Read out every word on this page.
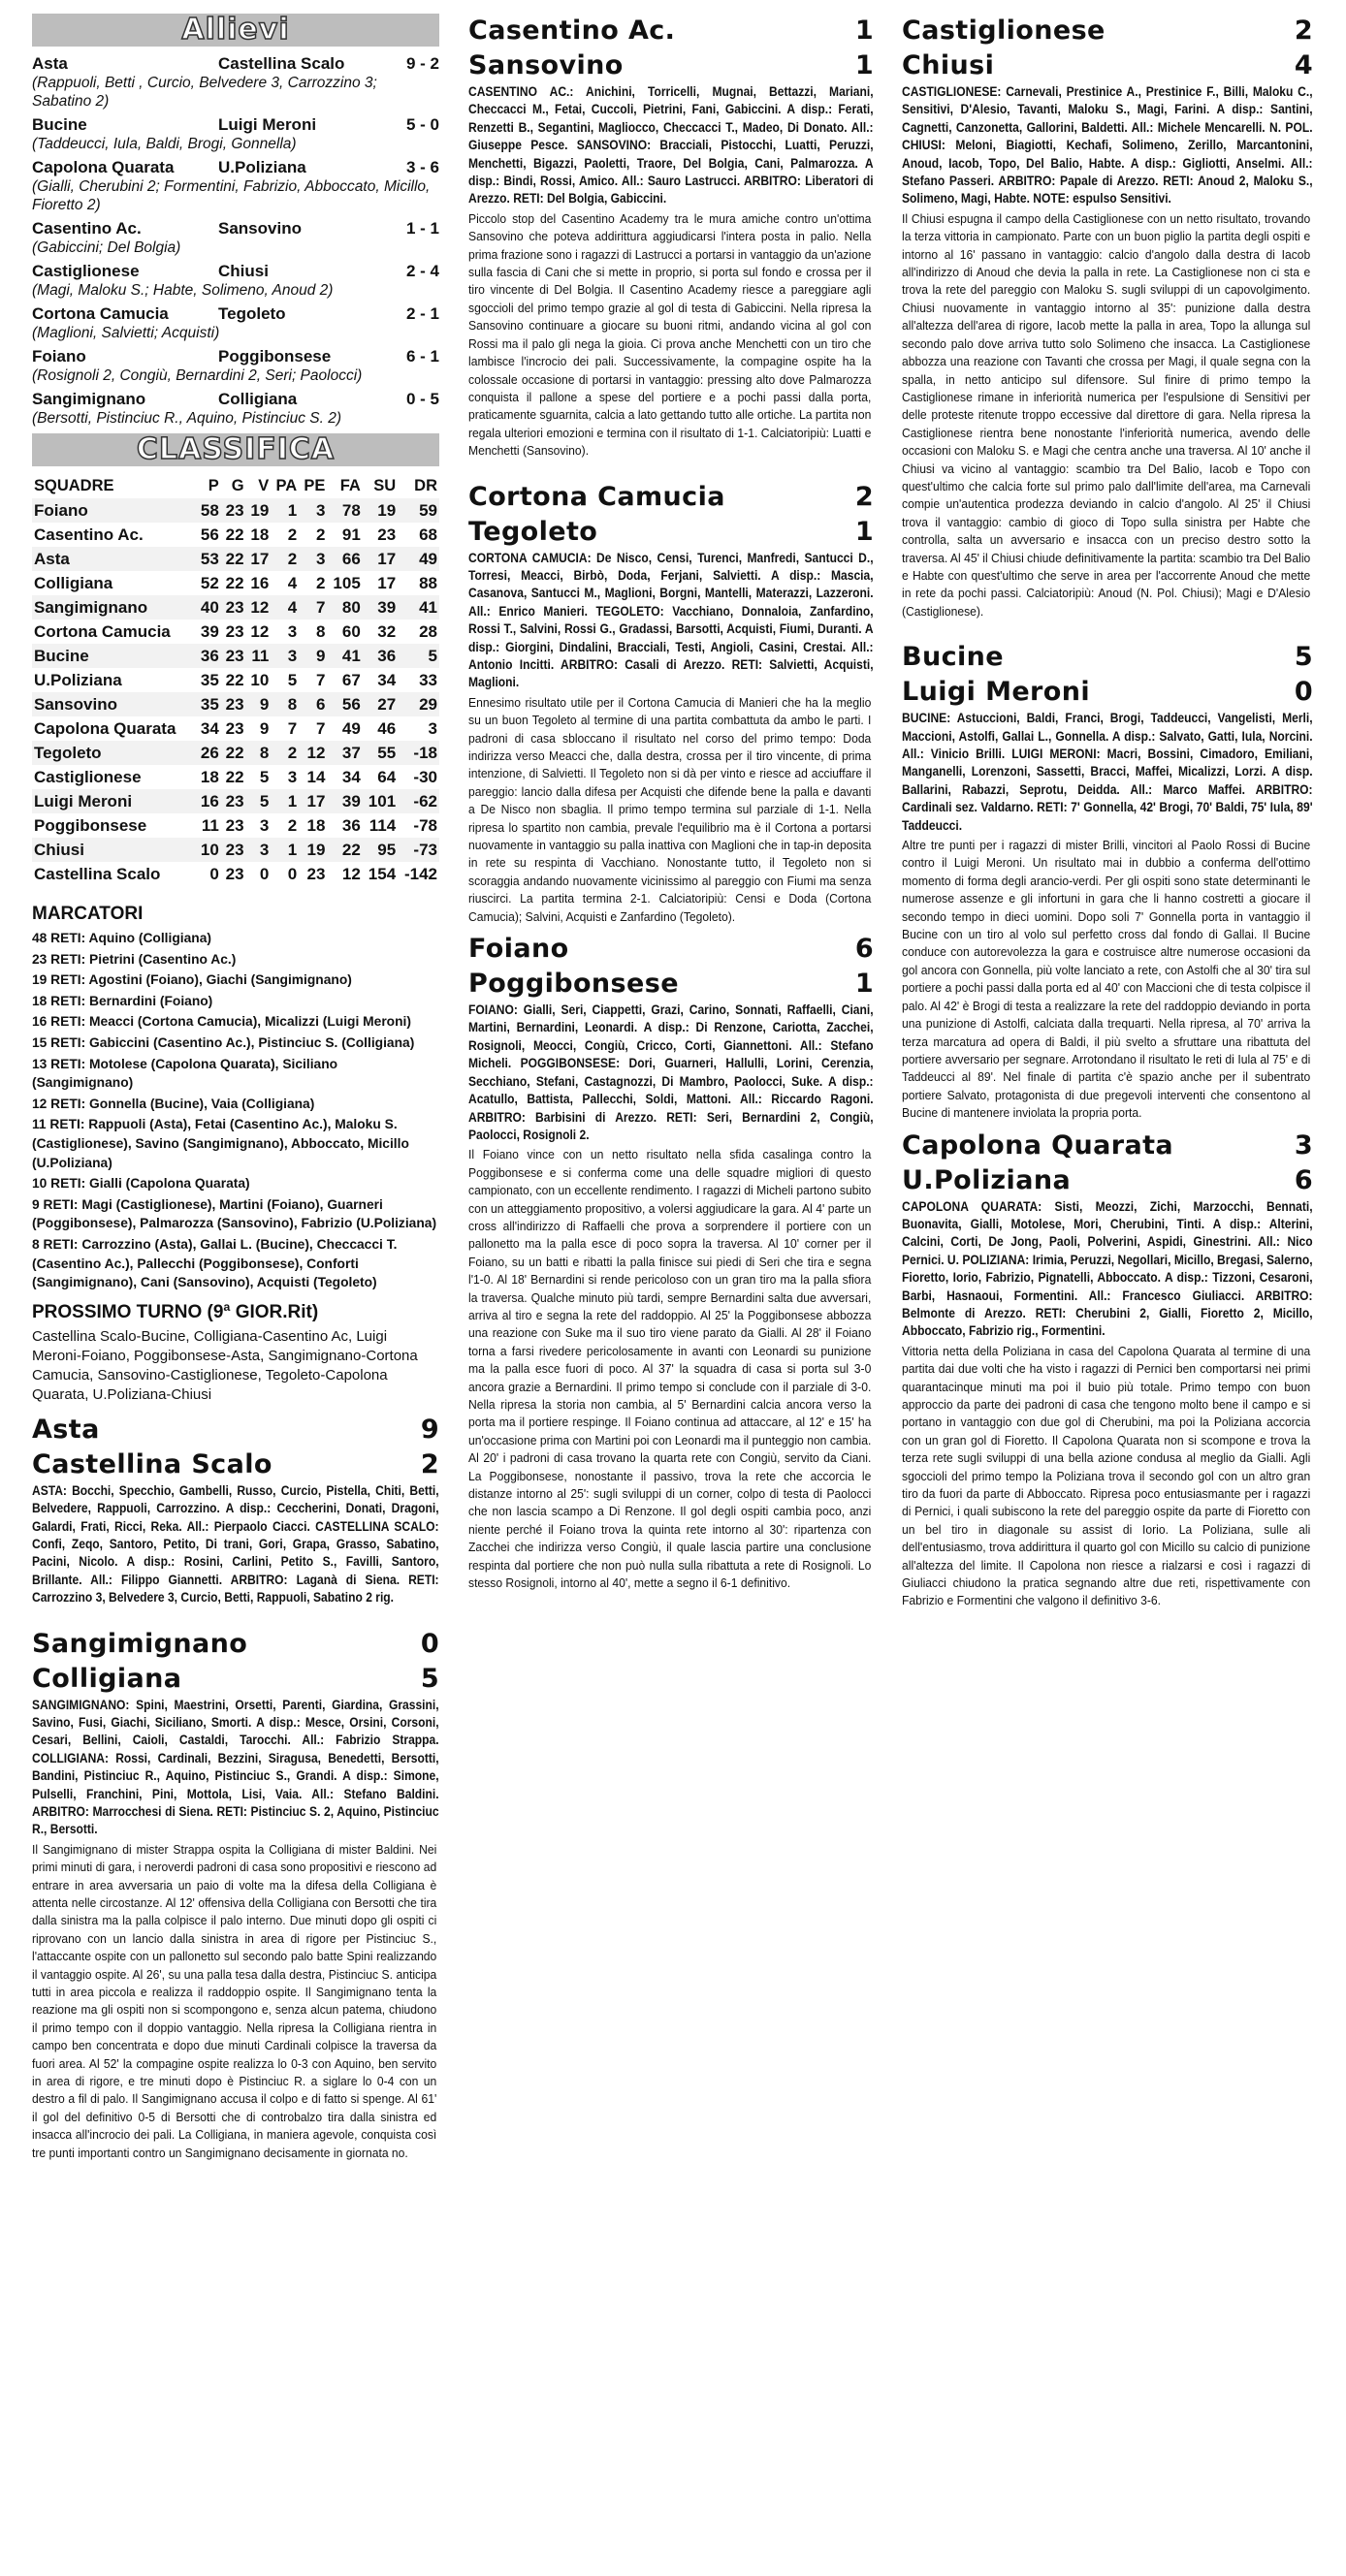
Allievi
Asta	Castellina Scalo	9 - 2
(Rappuoli, Betti , Curcio, Belvedere 3, Carrozzino 3; Sabatino 2)
Bucine	Luigi Meroni	5 - 0
(Taddeucci, Iula, Baldi, Brogi, Gonnella)
Capolona Quarata	U.Poliziana	3 - 6
(Gialli, Cherubini 2; Formentini, Fabrizio, Abboccato, Micillo, Fioretto 2)
Casentino Ac.	Sansovino	1 - 1
(Gabiccini; Del Bolgia)
Castiglionese	Chiusi	2 - 4
(Magi, Maloku S.; Habte, Solimeno, Anoud 2)
Cortona Camucia	Tegoleto	2 - 1
(Maglioni, Salvietti; Acquisti)
Foiano	Poggibonsese	6 - 1
(Rosignoli 2, Congiù, Bernardini 2, Seri; Paolocci)
Sangimignano	Colligiana	0 - 5
(Bersotti, Pistinciuc R., Aquino, Pistinciuc S. 2)
CLASSIFICA
SQUADRE	P	G	V	PA	PE	FA	SU	DR
Foiano	58	23	19	1	3	78	19	59
Casentino Ac.	56	22	18	2	2	91	23	68
Asta	53	22	17	2	3	66	17	49
Colligiana	52	22	16	4	2	105	17	88
Sangimignano	40	23	12	4	7	80	39	41
Cortona Camucia	39	23	12	3	8	60	32	28
Bucine	36	23	11	3	9	41	36	5
U.Poliziana	35	22	10	5	7	67	34	33
Sansovino	35	23	9	8	6	56	27	29
Capolona Quarata	34	23	9	7	7	49	46	3
Tegoleto	26	22	8	2	12	37	55	-18
Castiglionese	18	22	5	3	14	34	64	-30
Luigi Meroni	16	23	5	1	17	39	101	-62
Poggibonsese	11	23	3	2	18	36	114	-78
Chiusi	10	23	3	1	19	22	95	-73
Castellina Scalo	0	23	0	0	23	12	154	-142
MARCATORI
48 RETI: Aquino (Colligiana)
23 RETI: Pietrini (Casentino Ac.)
19 RETI: Agostini (Foiano), Giachi (Sangimignano)
18 RETI: Bernardini (Foiano)
16 RETI: Meacci (Cortona Camucia), Micalizzi (Luigi Meroni)
15 RETI: Gabiccini (Casentino Ac.), Pistinciuc S. (Colligiana)
13 RETI: Motolese (Capolona Quarata), Siciliano (Sangimignano)
12 RETI: Gonnella (Bucine), Vaia (Colligiana)
11 RETI: Rappuoli (Asta), Fetai (Casentino Ac.), Maloku S. (Castiglionese), Savino (Sangimignano), Abboccato, Micillo (U.Poliziana)
10 RETI: Gialli (Capolona Quarata)
9 RETI: Magi (Castiglionese), Martini (Foiano), Guarneri (Poggibonsese), Palmarozza (Sansovino), Fabrizio (U.Poliziana)
8 RETI: Carrozzino (Asta), Gallai L. (Bucine), Checcacci T. (Casentino Ac.), Pallecchi (Poggibonsese), Conforti (Sangimignano), Cani (Sansovino), Acquisti (Tegoleto)
PROSSIMO TURNO (9ª GIOR.Rit)
Castellina Scalo-Bucine, Colligiana-Casentino Ac, Luigi Meroni-Foiano, Poggibonsese-Asta, Sangimignano-Cortona Camucia, Sansovino-Castiglionese, Tegoleto-Capolona Quarata, U.Poliziana-Chiusi
Asta	9
Castellina Scalo	2
ASTA: Bocchi, Specchio, Gambelli, Russo, Curcio, Pistella, Chiti, Betti, Belvedere, Rappuoli, Carrozzino. A disp.: Ceccherini, Donati, Dragoni, Galardi, Frati, Ricci, Reka. All.: Pierpaolo Ciacci. CASTELLINA SCALO: Confi, Zeqo, Santoro, Petito, Di trani, Gori, Grapa, Grasso, Sabatino, Pacini, Nicolo. A disp.: Rosini, Carlini, Petito S., Favilli, Santoro, Brillante. All.: Filippo Giannetti. ARBITRO: Laganà di Siena. RETI: Carrozzino 3, Belvedere 3, Curcio, Betti, Rappuoli, Sabatino 2 rig.
Sangimignano	0
Colligiana	5
SANGIMIGNANO: Spini, Maestrini, Orsetti, Parenti, Giardina, Grassini, Savino, Fusi, Giachi, Siciliano, Smorti. A disp.: Mesce, Orsini, Corsoni, Cesari, Bellini, Caioli, Castaldi, Tarocchi. All.: Fabrizio Strappa. COLLIGIANA: Rossi, Cardinali, Bezzini, Siragusa, Benedetti, Bersotti, Bandini, Pistinciuc R., Aquino, Pistinciuc S., Grandi. A disp.: Simone, Pulselli, Franchini, Pini, Mottola, Lisi, Vaia. All.: Stefano Baldini. ARBITRO: Marrocchesi di Siena. RETI: Pistinciuc S. 2, Aquino, Pistinciuc R., Bersotti.
Il Sangimignano di mister Strappa ospita la Colligiana di mister Baldini. Nei primi minuti di gara, i neroverdi padroni di casa sono propositivi e riescono ad entrare in area avversaria un paio di volte ma la difesa della Colligiana è attenta nelle circostanze. Al 12' offensiva della Colligiana con Bersotti che tira dalla sinistra ma la palla colpisce il palo interno. Due minuti dopo gli ospiti ci riprovano con un lancio dalla sinistra in area di rigore per Pistinciuc S., l'attaccante ospite con un pallonetto sul secondo palo batte Spini realizzando il vantaggio ospite. Al 26', su una palla tesa dalla destra, Pistinciuc S. anticipa tutti in area piccola e realizza il raddoppio ospite. Il Sangimignano tenta la reazione ma gli ospiti non si scompongono e, senza alcun patema, chiudono il primo tempo con il doppio vantaggio. Nella ripresa la Colligiana rientra in campo ben concentrata e dopo due minuti Cardinali colpisce la traversa da fuori area. Al 52' la compagine ospite realizza lo 0-3 con Aquino, ben servito in area di rigore, e tre minuti dopo è Pistinciuc R. a siglare lo 0-4 con un destro a fil di palo. Il Sangimignano accusa il colpo e di fatto si spenge. Al 61' il gol del definitivo 0-5 di Bersotti che di controbalzo tira dalla sinistra ed insacca all'incrocio dei pali. La Colligiana, in maniera agevole, conquista così tre punti importanti contro un Sangimignano decisamente in giornata no.
Casentino Ac.	1
Sansovino	1
CASENTINO AC.: Anichini, Torricelli, Mugnai, Bettazzi, Mariani, Checcacci M., Fetai, Cuccoli, Pietrini, Fani, Gabiccini. A disp.: Ferati, Renzetti B., Segantini, Magliocco, Checcacci T., Madeo, Di Donato. All.: Giuseppe Pesce. SANSOVINO: Bracciali, Pistocchi, Luatti, Peruzzi, Menchetti, Bigazzi, Paoletti, Traore, Del Bolgia, Cani, Palmarozza. A disp.: Bindi, Rossi, Amico. All.: Sauro Lastrucci. ARBITRO: Liberatori di Arezzo. RETI: Del Bolgia, Gabiccini.
Piccolo stop del Casentino Academy tra le mura amiche contro un'ottima Sansovino che poteva addirittura aggiudicarsi l'intera posta in palio. Nella prima frazione sono i ragazzi di Lastrucci a portarsi in vantaggio da un'azione sulla fascia di Cani che si mette in proprio, si porta sul fondo e crossa per il tiro vincente di Del Bolgia. Il Casentino Academy riesce a pareggiare agli sgoccioli del primo tempo grazie al gol di testa di Gabiccini. Nella ripresa la Sansovino continuare a giocare su buoni ritmi, andando vicina al gol con Rossi ma il palo gli nega la gioia. Ci prova anche Menchetti con un tiro che lambisce l'incrocio dei pali. Successivamente, la compagine ospite ha la colossale occasione di portarsi in vantaggio: pressing alto dove Palmarozza conquista il pallone a spese del portiere e a pochi passi dalla porta, praticamente sguarnita, calcia a lato gettando tutto alle ortiche. La partita non regala ulteriori emozioni e termina con il risultato di 1-1. Calciatoripiù: Luatti e Menchetti (Sansovino).
Cortona Camucia	2
Tegoleto	1
CORTONA CAMUCIA: De Nisco, Censi, Turenci, Manfredi, Santucci D., Torresi, Meacci, Birbò, Doda, Ferjani, Salvietti. A disp.: Mascia, Casanova, Santucci M., Maglioni, Borgni, Mantelli, Materazzi, Lazzeroni. All.: Enrico Manieri. TEGOLETO: Vacchiano, Donnaloia, Zanfardino, Rossi T., Salvini, Rossi G., Gradassi, Barsotti, Acquisti, Fiumi, Duranti. A disp.: Giorgini, Dindalini, Bracciali, Testi, Angioli, Casini, Crestai. All.: Antonio Incitti. ARBITRO: Casali di Arezzo. RETI: Salvietti, Acquisti, Maglioni.
Ennesimo risultato utile per il Cortona Camucia di Manieri che ha la meglio su un buon Tegoleto al termine di una partita combattuta da ambo le parti. I padroni di casa sbloccano il risultato nel corso del primo tempo: Doda indirizza verso Meacci che, dalla destra, crossa per il tiro vincente, di prima intenzione, di Salvietti. Il Tegoleto non si dà per vinto e riesce ad acciuffare il pareggio: lancio dalla difesa per Acquisti che difende bene la palla e davanti a De Nisco non sbaglia. Il primo tempo termina sul parziale di 1-1. Nella ripresa lo spartito non cambia, prevale l'equilibrio ma è il Cortona a portarsi nuovamente in vantaggio su palla inattiva con Maglioni che in tap-in deposita in rete su respinta di Vacchiano. Nonostante tutto, il Tegoleto non si scoraggia andando nuovamente vicinissimo al pareggio con Fiumi ma senza riuscirci. La partita termina 2-1. Calciatoripiù: Censi e Doda (Cortona Camucia); Salvini, Acquisti e Zanfardino (Tegoleto).
Foiano	6
Poggibonsese	1
FOIANO: Gialli, Seri, Ciappetti, Grazi, Carino, Sonnati, Raffaelli, Ciani, Martini, Bernardini, Leonardi. A disp.: Di Renzone, Cariotta, Zacchei, Rosignoli, Meocci, Congiù, Cricco, Corti, Giannettoni. All.: Stefano Micheli. POGGIBONSESE: Dori, Guarneri, Hallulli, Lorini, Cerenzia, Secchiano, Stefani, Castagnozzi, Di Mambro, Paolocci, Suke. A disp.: Acatullo, Battista, Pallecchi, Soldi, Mattoni. All.: Riccardo Ragoni. ARBITRO: Barbisini di Arezzo. RETI: Seri, Bernardini 2, Congiù, Paolocci, Rosignoli 2.
Il Foiano vince con un netto risultato nella sfida casalinga contro la Poggibonsese e si conferma come una delle squadre migliori di questo campionato, con un eccellente rendimento. I ragazzi di Micheli partono subito con un atteggiamento propositivo, a volersi aggiudicare la gara. Al 4' parte un cross all'indirizzo di Raffaelli che prova a sorprendere il portiere con un pallonetto ma la palla esce di poco sopra la traversa. Al 10' corner per il Foiano, su un batti e ribatti la palla finisce sui piedi di Seri che tira e segna l'1-0. Al 18' Bernardini si rende pericoloso con un gran tiro ma la palla sfiora la traversa. Qualche minuto più tardi, sempre Bernardini salta due avversari, arriva al tiro e segna la rete del raddoppio. Al 25' la Poggibonsese abbozza una reazione con Suke ma il suo tiro viene parato da Gialli. Al 28' il Foiano torna a farsi rivedere pericolosamente in avanti con Leonardi su punizione ma la palla esce fuori di poco. Al 37' la squadra di casa si porta sul 3-0 ancora grazie a Bernardini. Il primo tempo si conclude con il parziale di 3-0. Nella ripresa la storia non cambia, al 5' Bernardini calcia ancora verso la porta ma il portiere respinge. Il Foiano continua ad attaccare, al 12' e 15' ha un'occasione prima con Martini poi con Leonardi ma il punteggio non cambia. Al 20' i padroni di casa trovano la quarta rete con Congiù, servito da Ciani. La Poggibonsese, nonostante il passivo, trova la rete che accorcia le distanze intorno al 25': sugli sviluppi di un corner, colpo di testa di Paolocci che non lascia scampo a Di Renzone. Il gol degli ospiti cambia poco, anzi niente perché il Foiano trova la quinta rete intorno al 30': ripartenza con Zacchei che indirizza verso Congiù, il quale lascia partire una conclusione respinta dal portiere che non può nulla sulla ribattuta a rete di Rosignoli. Lo stesso Rosignoli, intorno al 40', mette a segno il 6-1 definitivo.
Castiglionese	2
Chiusi	4
CASTIGLIONESE: Carnevali, Prestinice A., Prestinice F., Billi, Maloku C., Sensitivi, D'Alesio, Tavanti, Maloku S., Magi, Farini. A disp.: Santini, Cagnetti, Canzonetta, Gallorini, Baldetti. All.: Michele Mencarelli. N. POL. CHIUSI: Meloni, Biagiotti, Kechafi, Solimeno, Zerillo, Marcantonini, Anoud, Iacob, Topo, Del Balio, Habte. A disp.: Gigliotti, Anselmi. All.: Stefano Passeri. ARBITRO: Papale di Arezzo. RETI: Anoud 2, Maloku S., Solimeno, Magi, Habte. NOTE: espulso Sensitivi.
Il Chiusi espugna il campo della Castiglionese con un netto risultato, trovando la terza vittoria in campionato. Parte con un buon piglio la partita degli ospiti e intorno al 16' passano in vantaggio: calcio d'angolo dalla destra di Iacob all'indirizzo di Anoud che devia la palla in rete. La Castiglionese non ci sta e trova la rete del pareggio con Maloku S. sugli sviluppi di un capovolgimento. Chiusi nuovamente in vantaggio intorno al 35': punizione dalla destra all'altezza dell'area di rigore, Iacob mette la palla in area, Topo la allunga sul secondo palo dove arriva tutto solo Solimeno che insacca. La Castiglionese abbozza una reazione con Tavanti che crossa per Magi, il quale segna con la spalla, in netto anticipo sul difensore. Sul finire di primo tempo la Castiglionese rimane in inferiorità numerica per l'espulsione di Sensitivi per delle proteste ritenute troppo eccessive dal direttore di gara. Nella ripresa la Castiglionese rientra bene nonostante l'inferiorità numerica, avendo delle occasioni con Maloku S. e Magi che centra anche una traversa. Al 10' anche il Chiusi va vicino al vantaggio: scambio tra Del Balio, Iacob e Topo con quest'ultimo che calcia forte sul primo palo dall'limite dell'area, ma Carnevali compie un'autentica prodezza deviando in calcio d'angolo. Al 25' il Chiusi trova il vantaggio: cambio di gioco di Topo sulla sinistra per Habte che controlla, salta un avversario e insacca con un preciso destro sotto la traversa. Al 45' il Chiusi chiude definitivamente la partita: scambio tra Del Balio e Habte con quest'ultimo che serve in area per l'accorrente Anoud che mette in rete da pochi passi. Calciatoripiù: Anoud (N. Pol. Chiusi); Magi e D'Alesio (Castiglionese).
Bucine	5
Luigi Meroni	0
BUCINE: Astuccioni, Baldi, Franci, Brogi, Taddeucci, Vangelisti, Merli, Maccioni, Astolfi, Gallai L., Gonnella. A disp.: Salvato, Gatti, Iula, Norcini. All.: Vinicio Brilli. LUIGI MERONI: Macri, Bossini, Cimadoro, Emiliani, Manganelli, Lorenzoni, Sassetti, Bracci, Maffei, Micalizzi, Lorzi. A disp. Ballarini, Rabazzi, Seprotu, Deidda. All.: Marco Maffei. ARBITRO: Cardinali sez. Valdarno. RETI: 7' Gonnella, 42' Brogi, 70' Baldi, 75' Iula, 89' Taddeucci.
Altre tre punti per i ragazzi di mister Brilli, vincitori al Paolo Rossi di Bucine contro il Luigi Meroni. Un risultato mai in dubbio a conferma dell'ottimo momento di forma degli arancio-verdi. Per gli ospiti sono state determinanti le numerose assenze e gli infortuni in gara che li hanno costretti a giocare il secondo tempo in dieci uomini. Dopo soli 7' Gonnella porta in vantaggio il Bucine con un tiro al volo sul perfetto cross dal fondo di Gallai. Il Bucine conduce con autorevolezza la gara e costruisce altre numerose occasioni da gol ancora con Gonnella, più volte lanciato a rete, con Astolfi che al 30' tira sul portiere a pochi passi dalla porta ed al 40' con Maccioni che di testa colpisce il palo. Al 42' è Brogi di testa a realizzare la rete del raddoppio deviando in porta una punizione di Astolfi, calciata dalla trequarti. Nella ripresa, al 70' arriva la terza marcatura ad opera di Baldi, il più svelto a sfruttare una ribattuta del portiere avversario per segnare. Arrotondano il risultato le reti di Iula al 75' e di Taddeucci al 89'. Nel finale di partita c'è spazio anche per il subentrato portiere Salvato, protagonista di due pregevoli interventi che consentono al Bucine di mantenere inviolata la propria porta.
Capolona Quarata	3
U.Poliziana	6
CAPOLONA QUARATA: Sisti, Meozzi, Zichi, Marzocchi, Bennati, Buonavita, Gialli, Motolese, Mori, Cherubini, Tinti. A disp.: Alterini, Calcini, Corti, De Jong, Paoli, Polverini, Aspidi, Ginestrini. All.: Nico Pernici. U. POLIZIANA: Irimia, Peruzzi, Negollari, Micillo, Bregasi, Salerno, Fioretto, Iorio, Fabrizio, Pignatelli, Abboccato. A disp.: Tizzoni, Cesaroni, Barbi, Hasnaoui, Formentini. All.: Francesco Giuliacci. ARBITRO: Belmonte di Arezzo. RETI: Cherubini 2, Gialli, Fioretto 2, Micillo, Abboccato, Fabrizio rig., Formentini.
Vittoria netta della Poliziana in casa del Capolona Quarata al termine di una partita dai due volti che ha visto i ragazzi di Pernici ben comportarsi nei primi quarantacinque minuti ma poi il buio più totale. Primo tempo con buon approccio da parte dei padroni di casa che tengono molto bene il campo e si portano in vantaggio con due gol di Cherubini, ma poi la Poliziana accorcia con un gran gol di Fioretto. Il Capolona Quarata non si scompone e trova la terza rete sugli sviluppi di una bella azione condusa al meglio da Gialli. Agli sgoccioli del primo tempo la Poliziana trova il secondo gol con un altro gran tiro da fuori da parte di Abboccato. Ripresa poco entusiasmante per i ragazzi di Pernici, i quali subiscono la rete del pareggio ospite da parte di Fioretto con un bel tiro in diagonale su assist di Iorio. La Poliziana, sulle ali dell'entusiasmo, trova addirittura il quarto gol con Micillo su calcio di punizione all'altezza del limite. Il Capolona non riesce a rialzarsi e così i ragazzi di Giuliacci chiudono la pratica segnando altre due reti, rispettivamente con Fabrizio e Formentini che valgono il definitivo 3-6.
